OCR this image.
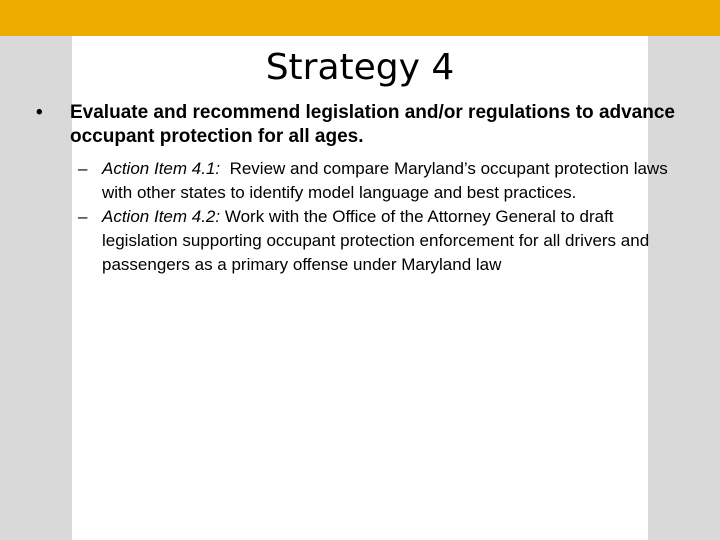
Strategy 4
• Evaluate and recommend legislation and/or regulations to advance occupant protection for all ages.
– Action Item 4.1:  Review and compare Maryland’s occupant protection laws with other states to identify model language and best practices.
– Action Item 4.2: Work with the Office of the Attorney General to draft legislation supporting occupant protection enforcement for all drivers and passengers as a primary offense under Maryland law
